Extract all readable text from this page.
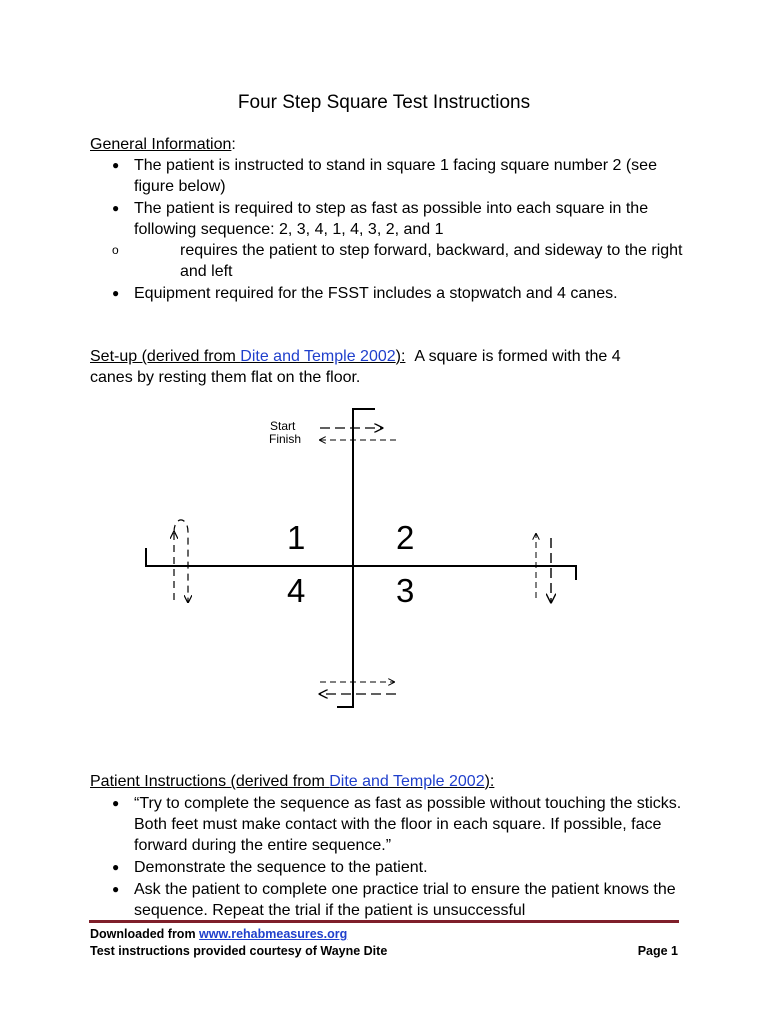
Four Step Square Test Instructions
General Information:
● The patient is instructed to stand in square 1 facing square number 2 (see figure below)
● The patient is required to step as fast as possible into each square in the following sequence: 2, 3, 4, 1, 4, 3, 2, and 1
o	requires the patient to step forward, backward, and sideway to the right and left
● Equipment required for the FSST includes a stopwatch and 4 canes.
Set-up (derived from Dite and Temple 2002): A square is formed with the 4
canes by resting them flat on the floor.
Start
Finish
1	2
4	3
Patient Instructions (derived from Dite and Temple 2002):
● “Try to complete the sequence as fast as possible without touching the sticks. Both feet must make contact with the floor in each square. If possible, face forward during the entire sequence.”
● Demonstrate the sequence to the patient.
● Ask the patient to complete one practice trial to ensure the patient knows the sequence. Repeat the trial if the patient is unsuccessful
Downloaded from www.rehabmeasures.org
Test instructions provided courtesy of Wayne Dite	Page 1
